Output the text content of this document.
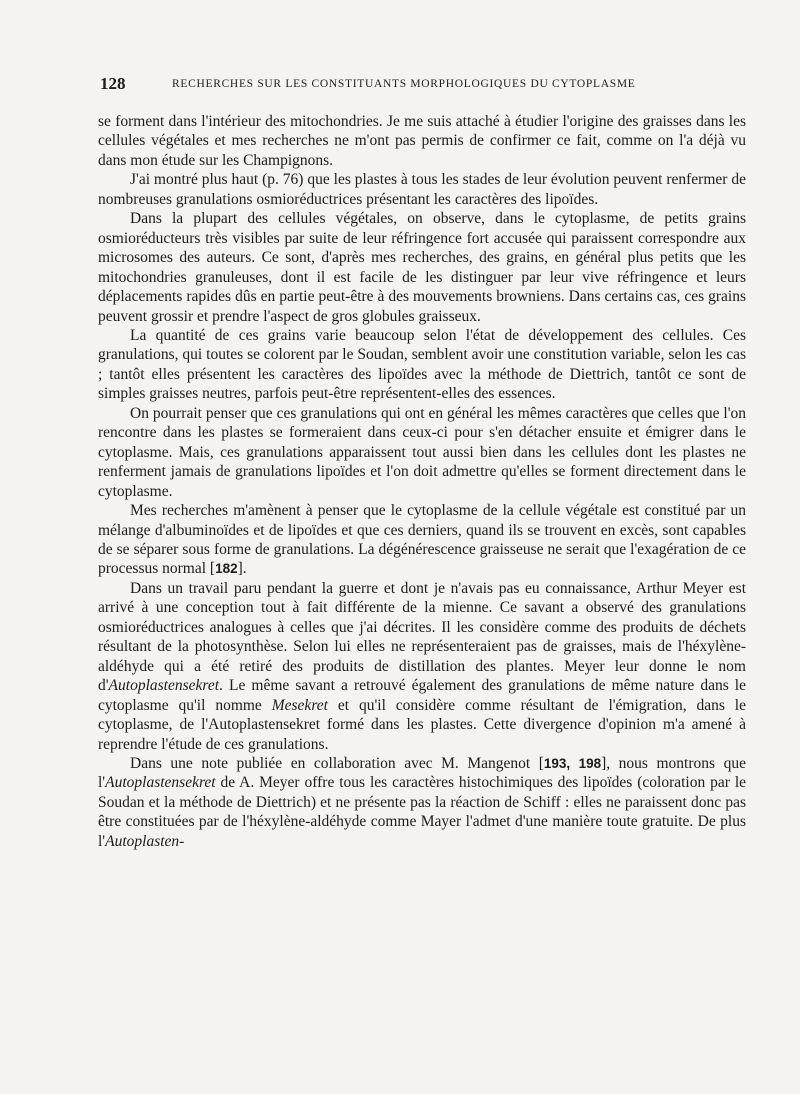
128	RECHERCHES SUR LES CONSTITUANTS MORPHOLOGIQUES DU CYTOPLASME

se forment dans l'intérieur des mitochondries. Je me suis attaché à étudier l'origine des graisses dans les cellules végétales et mes recherches ne m'ont pas permis de confirmer ce fait, comme on l'a déjà vu dans mon étude sur les Champignons.

J'ai montré plus haut (p. 76) que les plastes à tous les stades de leur évolution peuvent renfermer de nombreuses granulations osmioréductrices présentant les caractères des lipoïdes.

Dans la plupart des cellules végétales, on observe, dans le cytoplasme, de petits grains osmioréducteurs très visibles par suite de leur réfringence fort accusée qui paraissent correspondre aux microsomes des auteurs. Ce sont, d'après mes recherches, des grains, en général plus petits que les mitochondries granuleuses, dont il est facile de les distinguer par leur vive réfringence et leurs déplacements rapides dûs en partie peut-être à des mouvements browniens. Dans certains cas, ces grains peuvent grossir et prendre l'aspect de gros globules graisseux.

La quantité de ces grains varie beaucoup selon l'état de développement des cellules. Ces granulations, qui toutes se colorent par le Soudan, semblent avoir une constitution variable, selon les cas ; tantôt elles présentent les caractères des lipoïdes avec la méthode de Diettrich, tantôt ce sont de simples graisses neutres, parfois peut-être représentent-elles des essences.

On pourrait penser que ces granulations qui ont en général les mêmes caractères que celles que l'on rencontre dans les plastes se formeraient dans ceux-ci pour s'en détacher ensuite et émigrer dans le cytoplasme. Mais, ces granulations apparaissent tout aussi bien dans les cellules dont les plastes ne renferment jamais de granulations lipoïdes et l'on doit admettre qu'elles se forment directement dans le cytoplasme.

Mes recherches m'amènent à penser que le cytoplasme de la cellule végétale est constitué par un mélange d'albuminoïdes et de lipoïdes et que ces derniers, quand ils se trouvent en excès, sont capables de se séparer sous forme de granulations. La dégénérescence graisseuse ne serait que l'exagération de ce processus normal [182].

Dans un travail paru pendant la guerre et dont je n'avais pas eu connaissance, Arthur Meyer est arrivé à une conception tout à fait différente de la mienne. Ce savant a observé des granulations osmioréductrices analogues à celles que j'ai décrites. Il les considère comme des produits de déchets résultant de la photosynthèse. Selon lui elles ne représenteraient pas de graisses, mais de l'héxylène-aldéhyde qui a été retiré des produits de distillation des plantes. Meyer leur donne le nom d'Autoplastensekret. Le même savant a retrouvé également des granulations de même nature dans le cytoplasme qu'il nomme Mesekret et qu'il considère comme résultant de l'émigration, dans le cytoplasme, de l'Autoplastensekret formé dans les plastes. Cette divergence d'opinion m'a amené à reprendre l'étude de ces granulations.

Dans une note publiée en collaboration avec M. Mangenot [193, 198], nous montrons que l'Autoplastensekret de A. Meyer offre tous les caractères histochimiques des lipoïdes (coloration par le Soudan et la méthode de Diettrich) et ne présente pas la réaction de Schiff : elles ne paraissent donc pas être constituées par de l'héxylène-aldéhyde comme Mayer l'admet d'une manière toute gratuite. De plus l'Autoplasten-
